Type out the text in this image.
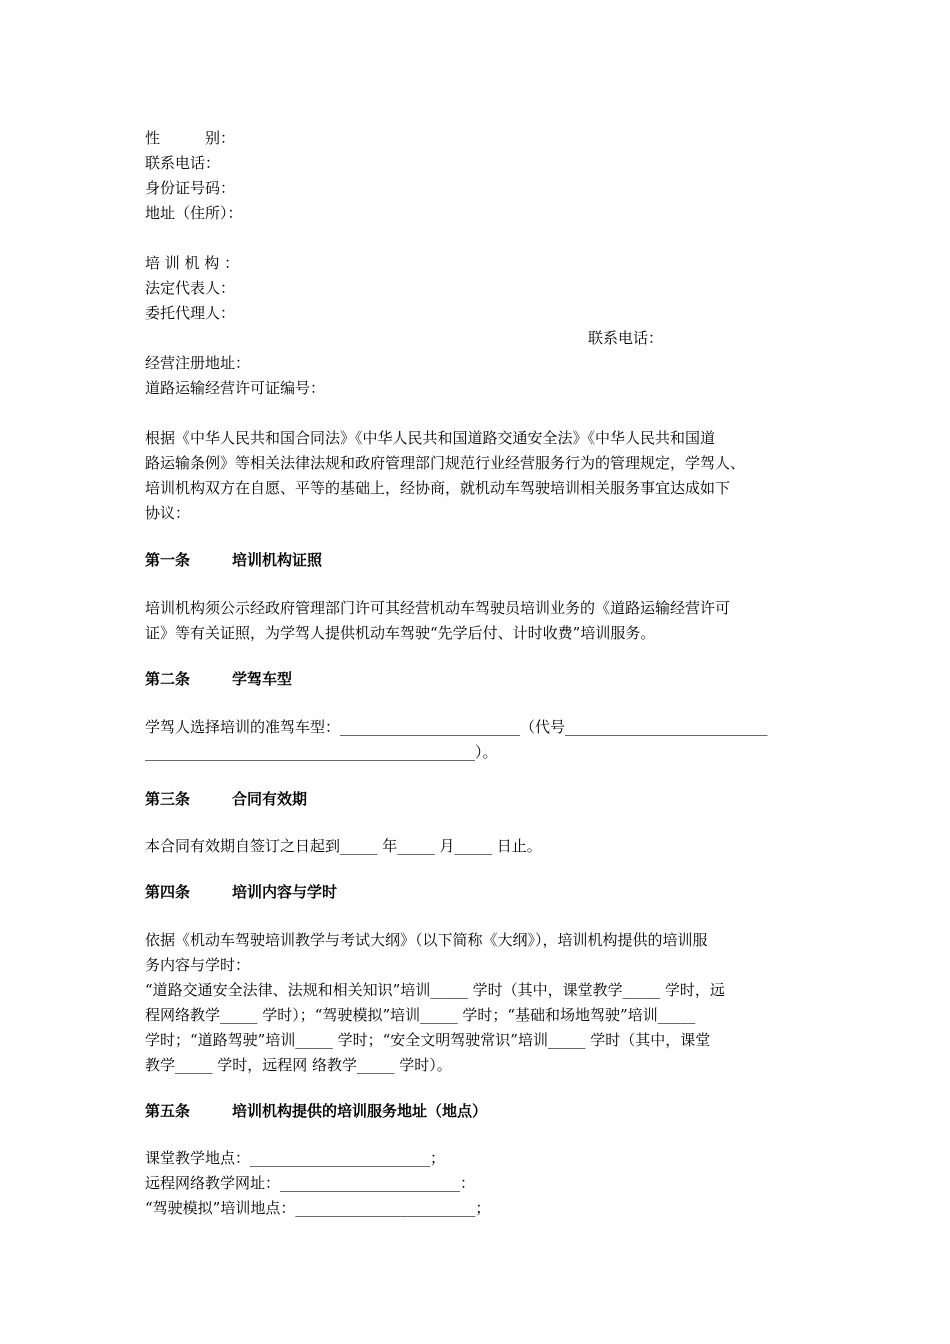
性　　　别：
联系电话：
身份证号码：
地址（住所）：
培 训 机 构 ：
法定代表人：
委托代理人：
联系电话：
经营注册地址：
道路运输经营许可证编号：
根据《中华人民共和国合同法》《中华人民共和国道路交通安全法》《中华人民共和国道
路运输条例》等相关法律法规和政府管理部门规范行业经营服务行为的管理规定，学驾人、
培训机构双方在自愿、平等的基础上，经协商，就机动车驾驶培训相关服务事宜达成如下
协议：
第一条	培训机构证照
培训机构须公示经政府管理部门许可其经营机动车驾驶员培训业务的《道路运输经营许可
证》等有关证照，为学驾人提供机动车驾驶“先学后付、计时收费”培训服务。
第二条	学驾车型
学驾人选择培训的准驾车型：________________________（代号___________________________
____________________________________________）。
第三条	合同有效期
本合同有效期自签订之日起到_____ 年_____ 月_____ 日止。
第四条	培训内容与学时
依据《机动车驾驶培训教学与考试大纲》（以下简称《大纲》），培训机构提供的培训服
务内容与学时：
“道路交通安全法律、法规和相关知识”培训_____ 学时（其中，课堂教学_____ 学时，远
程网络教学_____ 学时）；“驾驶模拟”培训_____ 学时；“基础和场地驾驶”培训_____
学时；“道路驾驶”培训_____ 学时；“安全文明驾驶常识”培训_____ 学时（其中，课堂
教学_____ 学时，远程网 络教学_____ 学时）。
第五条	培训机构提供的培训服务地址（地点）
课堂教学地点：________________________；
远程网络教学网址：________________________：
“驾驶模拟”培训地点：________________________；
